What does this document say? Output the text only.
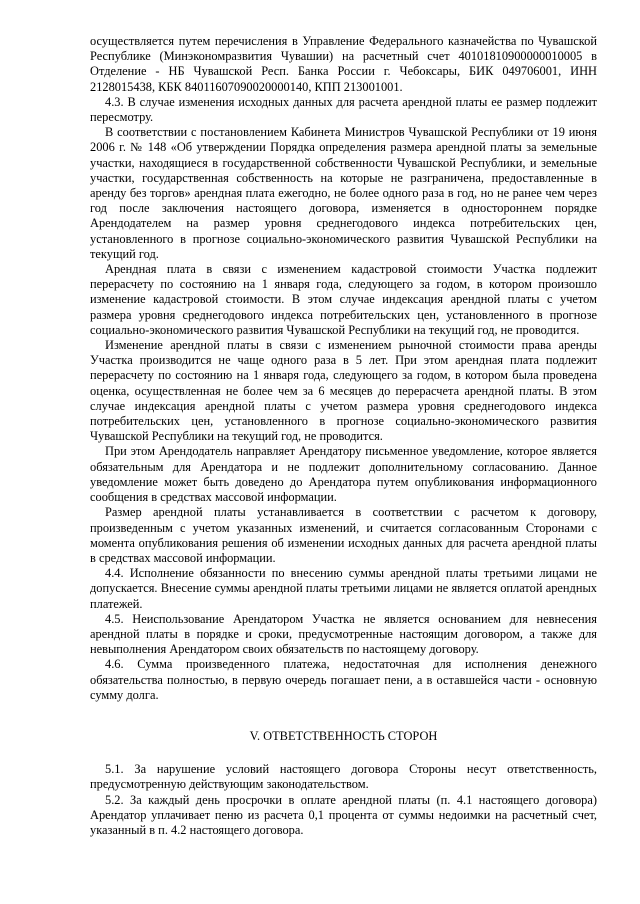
осуществляется путем перечисления в Управление Федерального казначейства по Чувашской Республике (Минэкономразвития Чувашии) на расчетный счет 40101810900000010005 в Отделение - НБ Чувашской Респ. Банка России г. Чебоксары, БИК 049706001, ИНН 2128015438, КБК 84011607090020000140, КПП 213001001.

4.3. В случае изменения исходных данных для расчета арендной платы ее размер подлежит пересмотру.

В соответствии с постановлением Кабинета Министров Чувашской Республики от 19 июня 2006 г. № 148 «Об утверждении Порядка определения размера арендной платы за земельные участки, находящиеся в государственной собственности Чувашской Республики, и земельные участки, государственная собственность на которые не разграничена, предоставленные в аренду без торгов» арендная плата ежегодно, не более одного раза в год, но не ранее чем через год после заключения настоящего договора, изменяется в одностороннем порядке Арендодателем на размер уровня среднегодового индекса потребительских цен, установленного в прогнозе социально-экономического развития Чувашской Республики на текущий год.

Арендная плата в связи с изменением кадастровой стоимости Участка подлежит перерасчету по состоянию на 1 января года, следующего за годом, в котором произошло изменение кадастровой стоимости. В этом случае индексация арендной платы с учетом размера уровня среднегодового индекса потребительских цен, установленного в прогнозе социально-экономического развития Чувашской Республики на текущий год, не проводится.

Изменение арендной платы в связи с изменением рыночной стоимости права аренды Участка производится не чаще одного раза в 5 лет. При этом арендная плата подлежит перерасчету по состоянию на 1 января года, следующего за годом, в котором была проведена оценка, осуществленная не более чем за 6 месяцев до перерасчета арендной платы. В этом случае индексация арендной платы с учетом размера уровня среднегодового индекса потребительских цен, установленного в прогнозе социально-экономического развития Чувашской Республики на текущий год, не проводится.

При этом Арендодатель направляет Арендатору письменное уведомление, которое является обязательным для Арендатора и не подлежит дополнительному согласованию. Данное уведомление может быть доведено до Арендатора путем опубликования информационного сообщения в средствах массовой информации.

Размер арендной платы устанавливается в соответствии с расчетом к договору, произведенным с учетом указанных изменений, и считается согласованным Сторонами с момента опубликования решения об изменении исходных данных для расчета арендной платы в средствах массовой информации.

4.4. Исполнение обязанности по внесению суммы арендной платы третьими лицами не допускается. Внесение суммы арендной платы третьими лицами не является оплатой арендных платежей.

4.5. Неиспользование Арендатором Участка не является основанием для невнесения арендной платы в порядке и сроки, предусмотренные настоящим договором, а также для невыполнения Арендатором своих обязательств по настоящему договору.

4.6. Сумма произведенного платежа, недостаточная для исполнения денежного обязательства полностью, в первую очередь погашает пени, а в оставшейся части - основную сумму долга.

V. ОТВЕТСТВЕННОСТЬ СТОРОН

5.1. За нарушение условий настоящего договора Стороны несут ответственность, предусмотренную действующим законодательством.

5.2. За каждый день просрочки в оплате арендной платы (п. 4.1 настоящего договора) Арендатор уплачивает пеню из расчета 0,1 процента от суммы недоимки на расчетный счет, указанный в п. 4.2 настоящего договора.
